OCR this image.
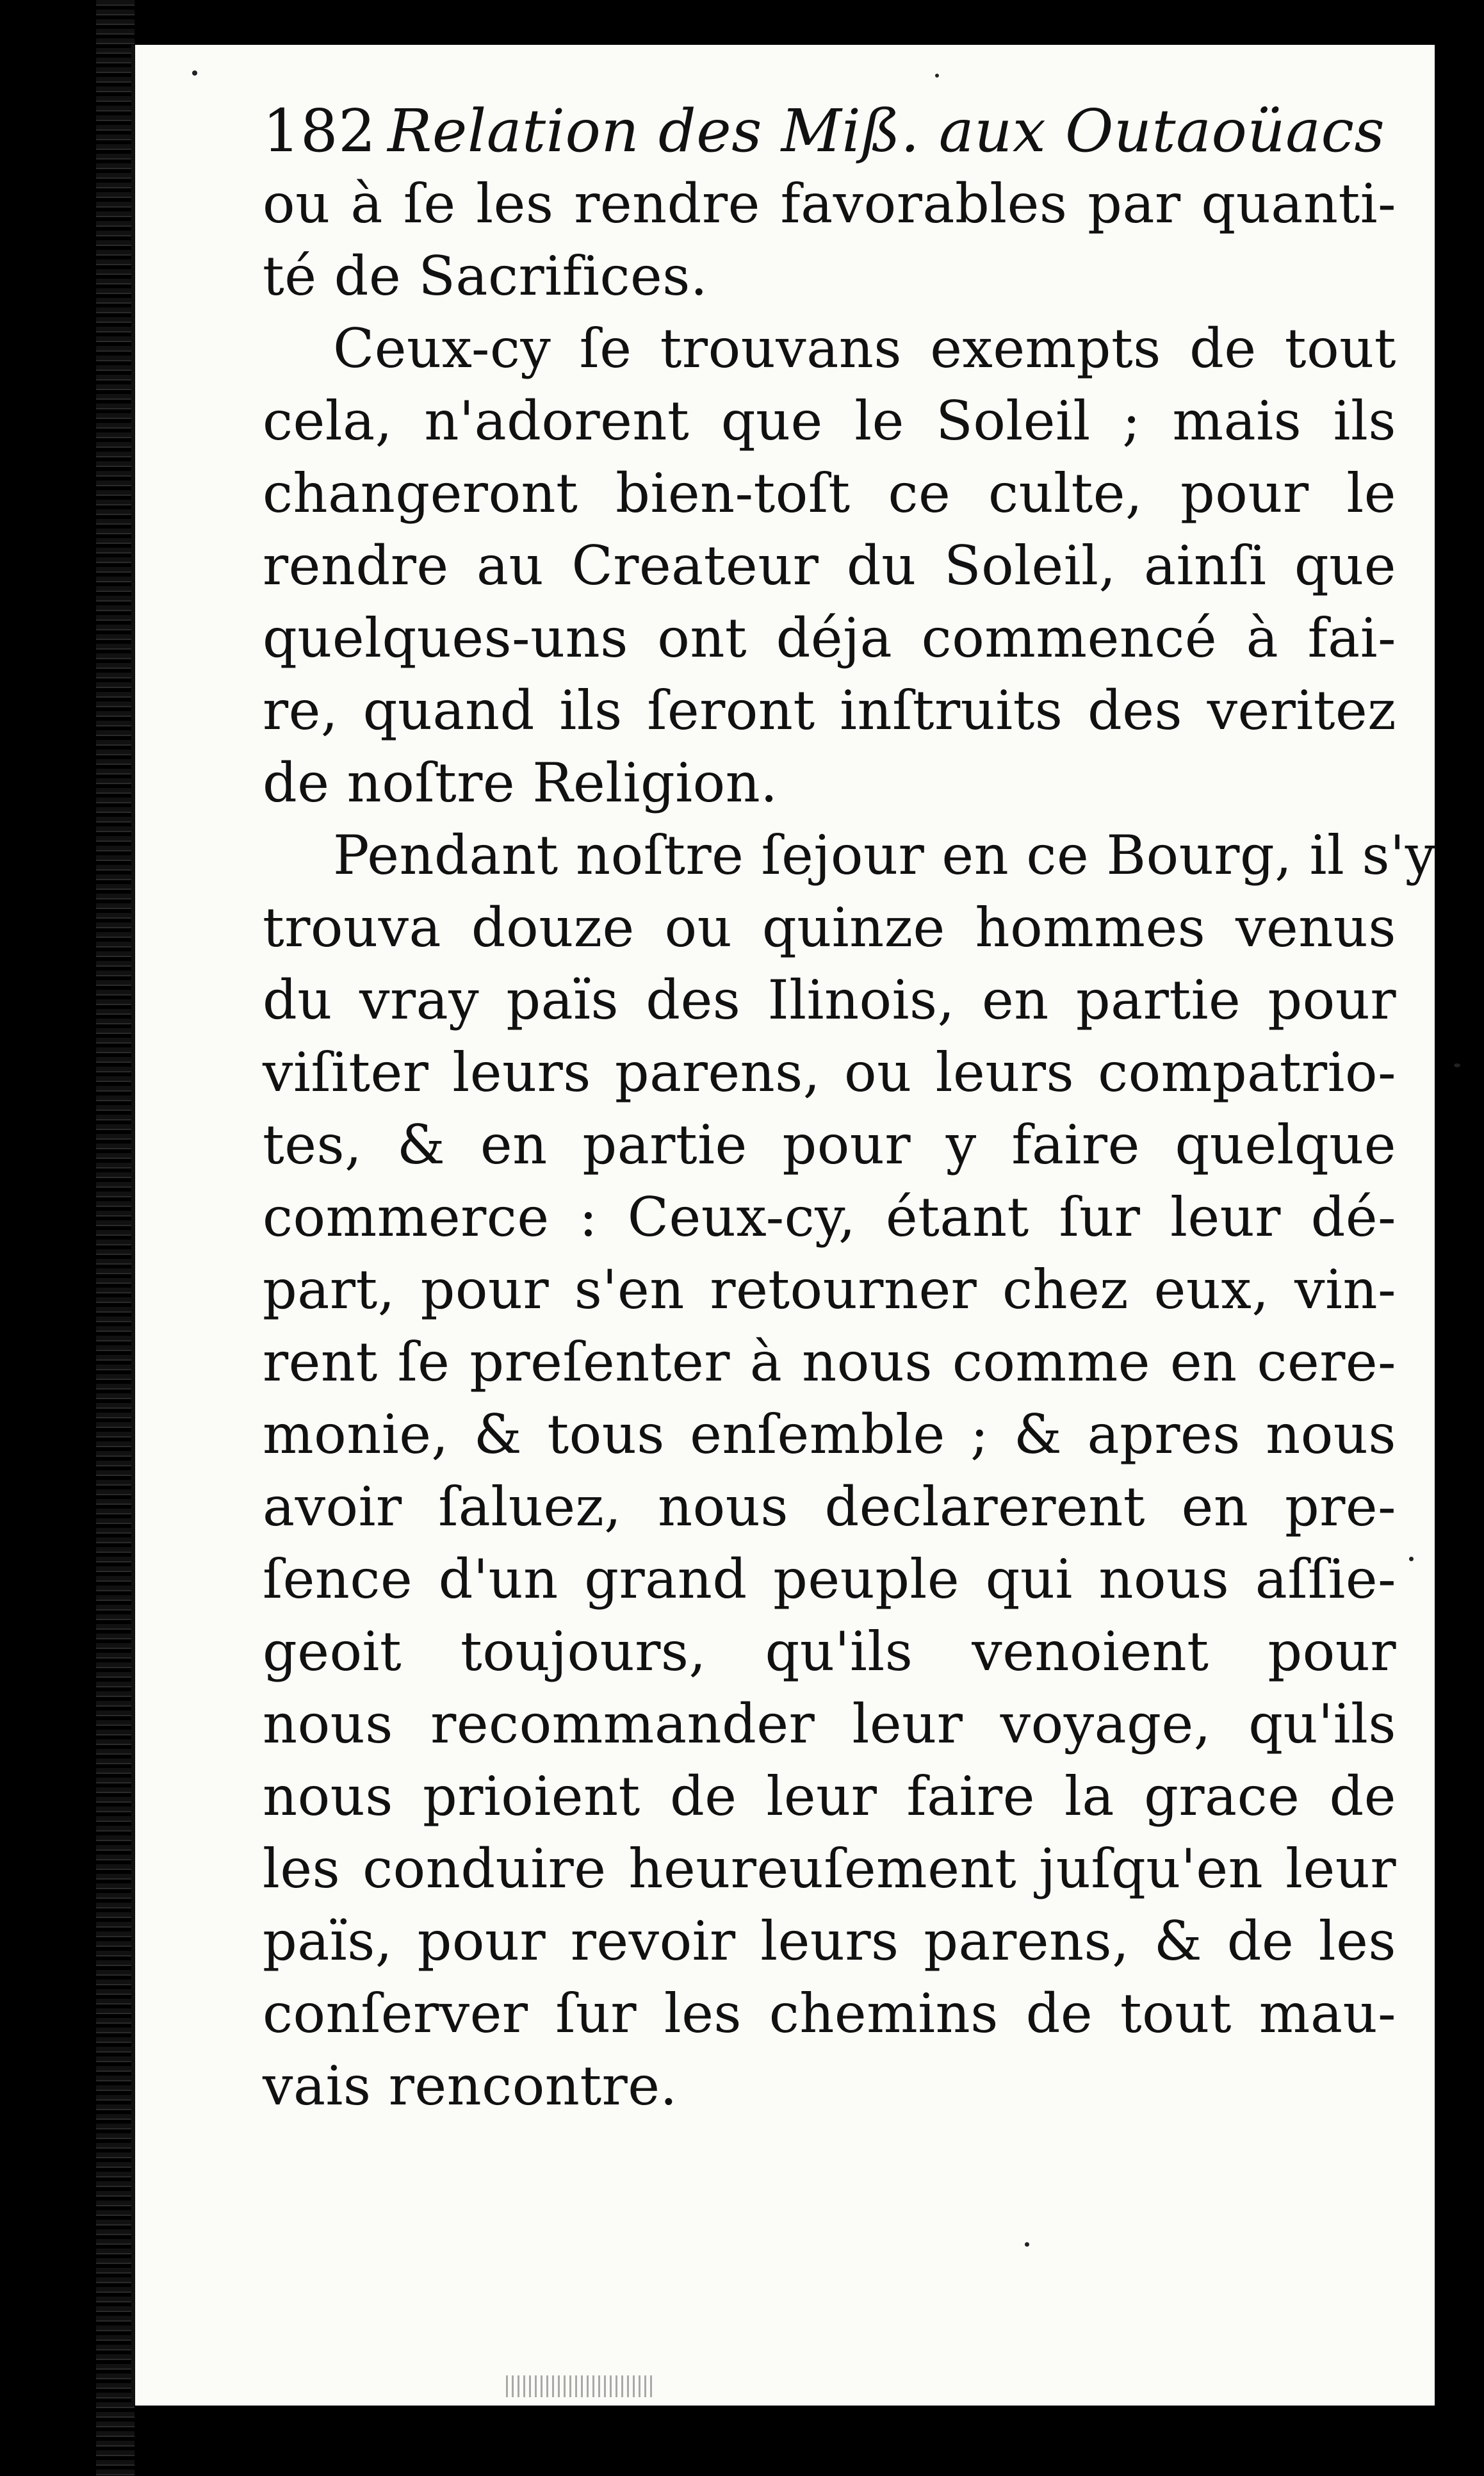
182 Relation des Miß. aux Outaoüacs
ou à ſe les rendre favorables par quanti-
té de Sacrifices.
Ceux-cy ſe trouvans exempts de tout
cela, n'adorent que le Soleil ; mais ils
changeront bien-toſt ce culte, pour le
rendre au Createur du Soleil, ainſi que
quelques-uns ont déja commencé à fai-
re, quand ils ſeront inſtruits des veritez
de noſtre Religion.
Pendant noſtre ſejour en ce Bourg, il s'y
trouva douze ou quinze hommes venus
du vray païs des Ilinois, en partie pour
viſiter leurs parens, ou leurs compatrio-
tes, & en partie pour y faire quelque
commerce : Ceux-cy, étant ſur leur dé-
part, pour s'en retourner chez eux, vin-
rent ſe preſenter à nous comme en cere-
monie, & tous enſemble ; & apres nous
avoir ſaluez, nous declarerent en pre-
ſence d'un grand peuple qui nous aſſie-
geoit toujours, qu'ils venoient pour
nous recommander leur voyage, qu'ils
nous prioient de leur faire la grace de
les conduire heureuſement juſqu'en leur
païs, pour revoir leurs parens, & de les
conſerver ſur les chemins de tout mau-
vais rencontre.
